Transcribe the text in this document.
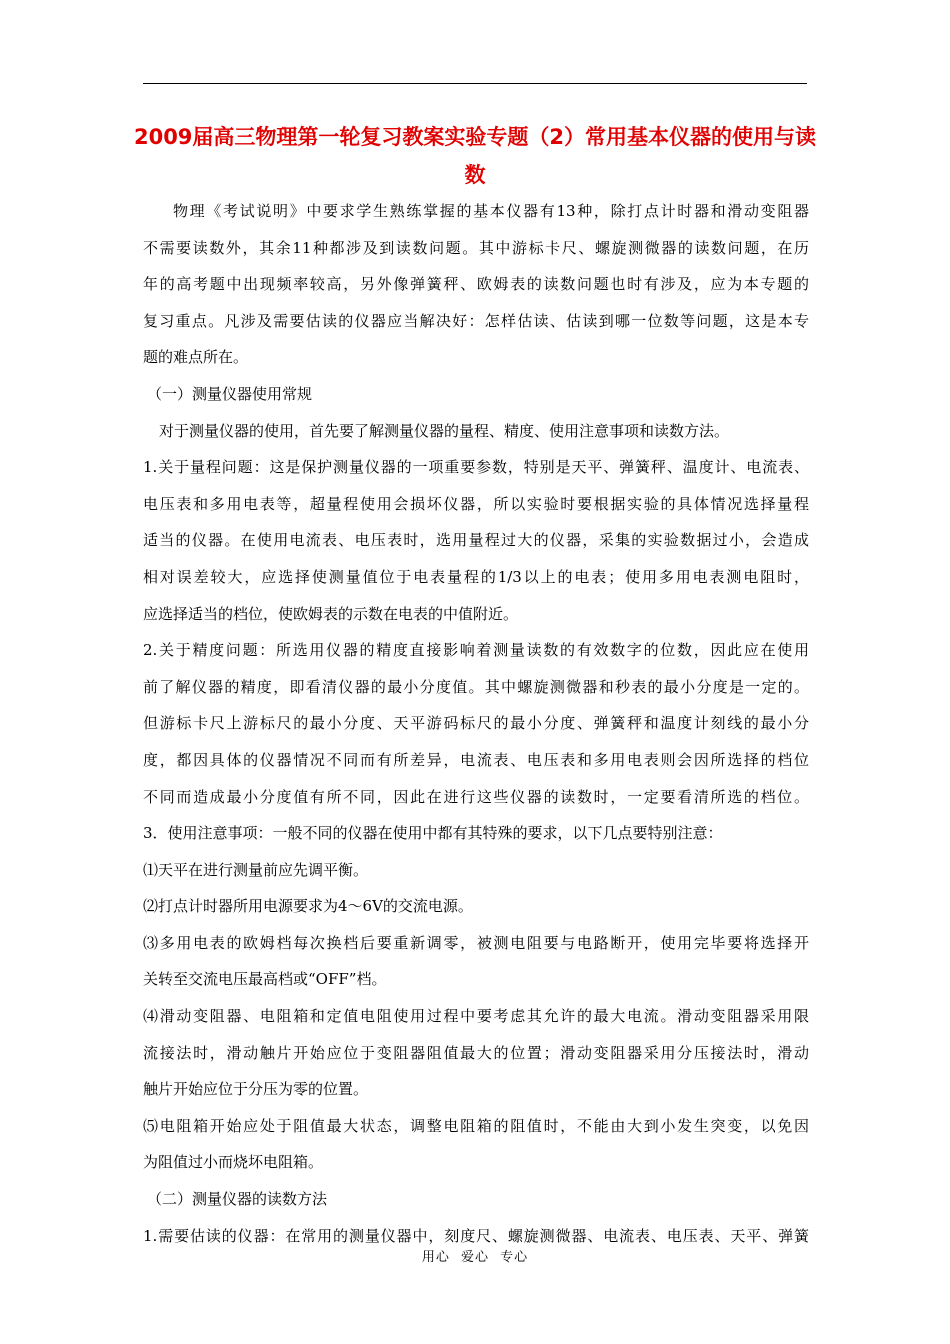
2009届高三物理第一轮复习教案实验专题（2）常用基本仪器的使用与读数
物理《考试说明》中要求学生熟练掌握的基本仪器有13种，除打点计时器和滑动变阻器
不需要读数外，其余11种都涉及到读数问题。其中游标卡尺、螺旋测微器的读数问题，在历
年的高考题中出现频率较高，另外像弹簧秤、欧姆表的读数问题也时有涉及，应为本专题的
复习重点。凡涉及需要估读的仪器应当解决好：怎样估读、估读到哪一位数等问题，这是本专
题的难点所在。
（一）测量仪器使用常规
对于测量仪器的使用，首先要了解测量仪器的量程、精度、使用注意事项和读数方法。
1.关于量程问题：这是保护测量仪器的一项重要参数，特别是天平、弹簧秤、温度计、电流表、
电压表和多用电表等，超量程使用会损坏仪器，所以实验时要根据实验的具体情况选择量程
适当的仪器。在使用电流表、电压表时，选用量程过大的仪器，采集的实验数据过小，会造成
相对误差较大，应选择使测量值位于电表量程的1/3以上的电表；使用多用电表测电阻时，
应选择适当的档位，使欧姆表的示数在电表的中值附近。
2.关于精度问题：所选用仪器的精度直接影响着测量读数的有效数字的位数，因此应在使用
前了解仪器的精度，即看清仪器的最小分度值。其中螺旋测微器和秒表的最小分度是一定的。
但游标卡尺上游标尺的最小分度、天平游码标尺的最小分度、弹簧秤和温度计刻线的最小分
度，都因具体的仪器情况不同而有所差异，电流表、电压表和多用电表则会因所选择的档位
不同而造成最小分度值有所不同，因此在进行这些仪器的读数时，一定要看清所选的档位。
3．使用注意事项：一般不同的仪器在使用中都有其特殊的要求，以下几点要特别注意：
⑴天平在进行测量前应先调平衡。
⑵打点计时器所用电源要求为4～6V的交流电源。
⑶多用电表的欧姆档每次换档后要重新调零，被测电阻要与电路断开，使用完毕要将选择开
关转至交流电压最高档或“OFF”档。
⑷滑动变阻器、电阻箱和定值电阻使用过程中要考虑其允许的最大电流。滑动变阻器采用限
流接法时，滑动触片开始应位于变阻器阻值最大的位置；滑动变阻器采用分压接法时，滑动
触片开始应位于分压为零的位置。
⑸电阻箱开始应处于阻值最大状态，调整电阻箱的阻值时，不能由大到小发生突变，以免因
为阻值过小而烧坏电阻箱。
（二）测量仪器的读数方法
1.需要估读的仪器：在常用的测量仪器中，刻度尺、螺旋测微器、电流表、电压表、天平、弹簧
用心 爱心 专心
